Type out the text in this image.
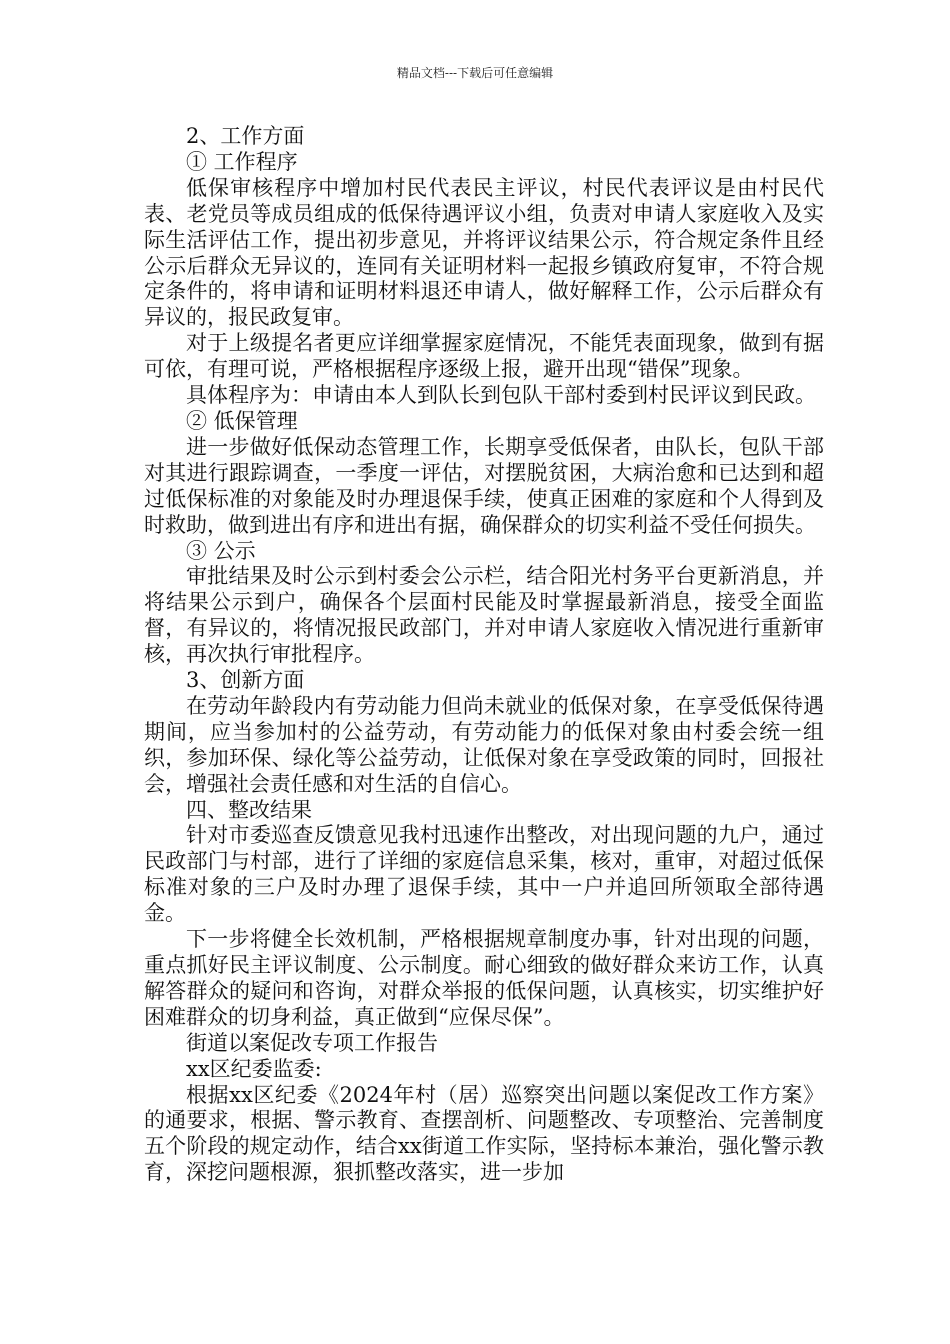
精品文档---下载后可任意编辑

2、工作方面

① 工作程序

低保审核程序中增加村民代表民主评议，村民代表评议是由村民代表、老党员等成员组成的低保待遇评议小组，负责对申请人家庭收入及实际生活评估工作，提出初步意见，并将评议结果公示，符合规定条件且经公示后群众无异议的，连同有关证明材料一起报乡镇政府复审，不符合规定条件的，将申请和证明材料退还申请人，做好解释工作，公示后群众有异议的，报民政复审。

对于上级提名者更应详细掌握家庭情况，不能凭表面现象，做到有据可依，有理可说，严格根据程序逐级上报，避开出现“错保”现象。

具体程序为：申请由本人到队长到包队干部村委到村民评议到民政。

② 低保管理

进一步做好低保动态管理工作，长期享受低保者，由队长，包队干部对其进行跟踪调查，一季度一评估，对摆脱贫困，大病治愈和已达到和超过低保标准的对象能及时办理退保手续，使真正困难的家庭和个人得到及时救助，做到进出有序和进出有据，确保群众的切实利益不受任何损失。

③ 公示

审批结果及时公示到村委会公示栏，结合阳光村务平台更新消息，并将结果公示到户，确保各个层面村民能及时掌握最新消息，接受全面监督，有异议的，将情况报民政部门，并对申请人家庭收入情况进行重新审核，再次执行审批程序。

3、创新方面

在劳动年龄段内有劳动能力但尚未就业的低保对象，在享受低保待遇期间，应当参加村的公益劳动，有劳动能力的低保对象由村委会统一组织，参加环保、绿化等公益劳动，让低保对象在享受政策的同时，回报社会，增强社会责任感和对生活的自信心。

四、整改结果

针对市委巡查反馈意见我村迅速作出整改，对出现问题的九户，通过民政部门与村部，进行了详细的家庭信息采集，核对，重审，对超过低保标准对象的三户及时办理了退保手续，其中一户并追回所领取全部待遇金。

下一步将健全长效机制，严格根据规章制度办事，针对出现的问题，重点抓好民主评议制度、公示制度。耐心细致的做好群众来访工作，认真解答群众的疑问和咨询，对群众举报的低保问题，认真核实，切实维护好困难群众的切身利益，真正做到“应保尽保”。

街道以案促改专项工作报告

xx区纪委监委:

根据xx区纪委《2024年村（居）巡察突出问题以案促改工作方案》的通要求，根据、警示教育、查摆剖析、问题整改、专项整治、完善制度五个阶段的规定动作，结合xx街道工作实际，坚持标本兼治，强化警示教育，深挖问题根源，狠抓整改落实，进一步加
